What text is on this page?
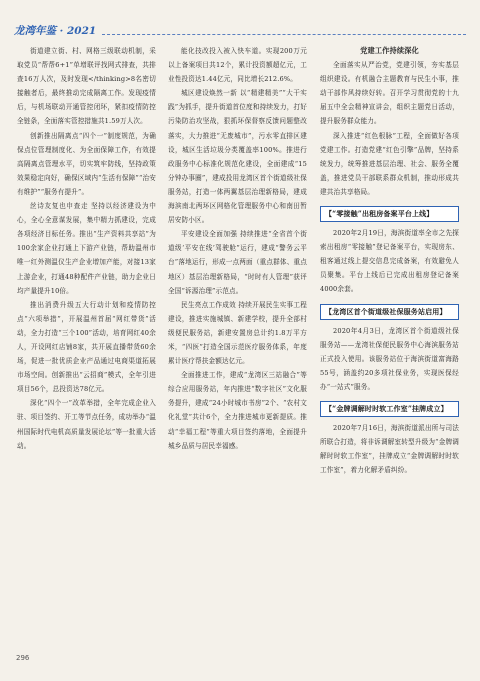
龙湾年鉴 · 2021

街道建立街、村、网格三级联动机制，采取党员“帮帮6+1”单增联评找网式排查，共排查16万人次，及时发现</thinking>8名密切接触者后，最终推动完成隔离工作。发现疫情后，与机场联动开通管控闭环，紧扣疫情防控全链条，全面落实管控措施共1.59万人次。

创新推出隔离点“四个一”制度规范，为确保点位管理制度化、为全面保障工作，有效提高隔离点管理水平，切实筑牢防线，坚持政策效果稳定向好，确保区域内“生活有保障”“治安有维护”“服务有提升”。

丝诗友复也申查走 坚持以经济建设为中心，全心全意谋发展，集中精力抓建设，完成各项经济目标任务。推出“生产资料共享站”为100余家企业打通上下游产业链，帮助温州市唯一红外测温仪生产企业增加产能，对接13家上游企业，打通48种配件产业链，助力企业日均产量提升10倍。

推出消费升级五大行动计划和疫情防控点“六项举措”，开展温州首届“网红带货”活动，全力打造“三个100”活动，培育网红40余人，开设网红店铺8家，共开展直播带货60余场，促进一批优质企业产品通过电商渠道拓展市场空间。创新推出“云招商”模式，全年引进项目56个，总投资达78亿元。

深化“四个一”改革举措，全年完成企业入驻、项目签约、开工等节点任务，成功举办“温州国际时代电机高质量发展论坛”等一批重大活动。

能化技改投入被入快车道。实现200万元以上备案项目共12个，累计投资额超亿元，工业性投资达1.44亿元，同比增长212.6%。

城区建设焕然一新 以“精建精美”“大干实践”为抓手，提升街道首位度和持续发力，打好污染防治攻坚战，狠抓环保督察反馈问题整改落实，大力推进“无废城市”，污水零直排区建设，城区生活垃圾分类覆盖率100%。推进行政服务中心标准化规范化建设，全面建成“15分钟办事圈”，建成投用龙湾区首个街道级社保服务站，打造一体两翼基层治理新格局，建成海滨南北两环区网格化管理服务中心和南田暂居安防小区。

平安建设全面加强 持续推进“全省首个街道级‘平安在线’驾驶舱”运行，建成“警务云平台”落地运行，形成一点两面（重点群体、重点地区）基层治理新格局，“时时有人管理”获评全国“诉源治理”示范点。

民生亮点工作成效 持续开展民生实事工程建设，推进实施城镇、新建学校，提升全部村级便民服务站，新建安置房总计约1.8万平方米，“四医”打造全国示范医疗服务体系，年度累计医疗帮扶金额达亿元。

全面推进工作，建成“龙湾区三站融合”等综合应用服务站，年内推进“数字社区”文化服务提升，建成“24小时城市书房”2个、“农村文化礼堂”共计6个，全力推进城市更新提质。推动“幸福工程”等重大项目签约落地，全面提升城乡品质与居民幸福感。

党建工作持续深化

全面落实从严治党，党建引领，夯实基层组织建设。有机融合主题教育与民生小事，推动干部作风持续好转。召开学习贯彻党的十九届五中全会精神宣讲会，组织主题党日活动，提升服务群众能力。

深入推进“红色根脉”工程，全面做好各项党建工作。打造党建“红色引擎”品牌，坚持系统发力，统筹推进基层治理、社会、服务全覆盖，推进党员干部联系群众机制，推动形成共建共治共享格局。

【“零接触”出租房备案平台上线】

2020年2月19日，海滨街道率全市之先探索出租房“零接触”登记备案平台，实现房东、租客通过线上提交信息完成备案，有效避免人员聚集。平台上线后已完成出租房登记备案4000余套。

【龙湾区首个街道级社保服务站启用】

2020年4月3日，龙湾区首个街道级社保服务站——龙湾社保便民服务中心海滨服务站正式投入使用。该服务站位于海滨街道富海路55号，涵盖约20多项社保业务，实现医保经办“一站式”服务。

【“金牌调解时时软工作室”挂牌成立】

2020年7月16日，海滨街道派出所与司法所联合打造，将非诉调解室转型升级为“金牌调解时时软工作室”，挂牌成立“金牌调解时时软工作室”，着力化解矛盾纠纷。

296
